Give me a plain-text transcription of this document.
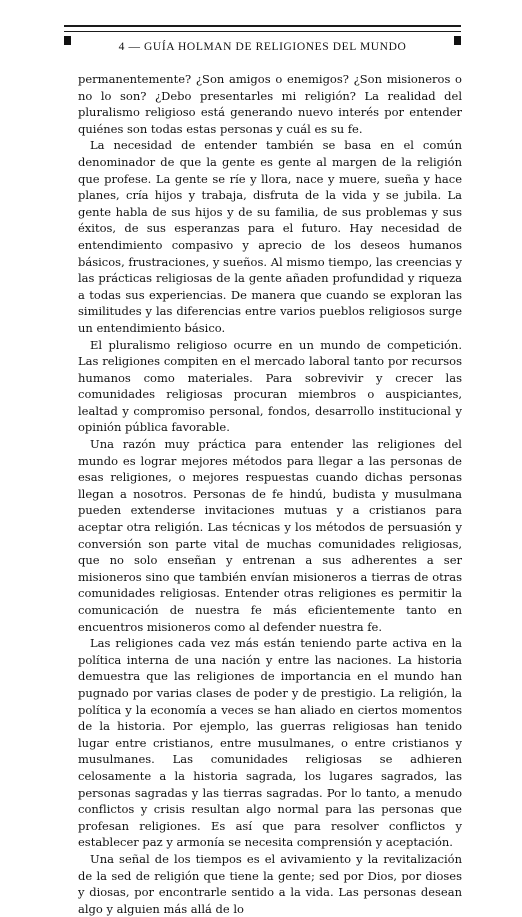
4 — GUÍA HOLMAN DE RELIGIONES DEL MUNDO

permanentemente? ¿Son amigos o enemigos? ¿Son misioneros o no lo son? ¿Debo presentarles mi religión? La realidad del pluralismo religioso está generando nuevo interés por entender quiénes son todas estas personas y cuál es su fe.

La necesidad de entender también se basa en el común denominador de que la gente es gente al margen de la religión que profese. La gente se ríe y llora, nace y muere, sueña y hace planes, cría hijos y trabaja, disfruta de la vida y se jubila. La gente habla de sus hijos y de su familia, de sus problemas y sus éxitos, de sus esperanzas para el futuro. Hay necesidad de entendimiento compasivo y aprecio de los deseos humanos básicos, frustraciones, y sueños. Al mismo tiempo, las creencias y las prácticas religiosas de la gente añaden profundidad y riqueza a todas sus experiencias. De manera que cuando se exploran las similitudes y las diferencias entre varios pueblos religiosos surge un entendimiento básico.

El pluralismo religioso ocurre en un mundo de competición. Las religiones compiten en el mercado laboral tanto por recursos humanos como materiales. Para sobrevivir y crecer las comunidades religiosas procuran miembros o auspiciantes, lealtad y compromiso personal, fondos, desarrollo institucional y opinión pública favorable.

Una razón muy práctica para entender las religiones del mundo es lograr mejores métodos para llegar a las personas de esas religiones, o mejores respuestas cuando dichas personas llegan a nosotros. Personas de fe hindú, budista y musulmana pueden extenderse invitaciones mutuas y a cristianos para aceptar otra religión. Las técnicas y los métodos de persuasión y conversión son parte vital de muchas comunidades religiosas, que no solo enseñan y entrenan a sus adherentes a ser misioneros sino que también envían misioneros a tierras de otras comunidades religiosas. Entender otras religiones es permitir la comunicación de nuestra fe más eficientemente tanto en encuentros misioneros como al defender nuestra fe.

Las religiones cada vez más están teniendo parte activa en la política interna de una nación y entre las naciones. La historia demuestra que las religiones de importancia en el mundo han pugnado por varias clases de poder y de prestigio. La religión, la política y la economía a veces se han aliado en ciertos momentos de la historia. Por ejemplo, las guerras religiosas han tenido lugar entre cristianos, entre musulmanes, o entre cristianos y musulmanes. Las comunidades religiosas se adhieren celosamente a la historia sagrada, los lugares sagrados, las personas sagradas y las tierras sagradas. Por lo tanto, a menudo conflictos y crisis resultan algo normal para las personas que profesan religiones. Es así que para resolver conflictos y establecer paz y armonía se necesita comprensión y aceptación.

Una señal de los tiempos es el avivamiento y la revitalización de la sed de religión que tiene la gente; sed por Dios, por dioses y diosas, por encontrarle sentido a la vida. Las personas desean algo y alguien más allá de lo
